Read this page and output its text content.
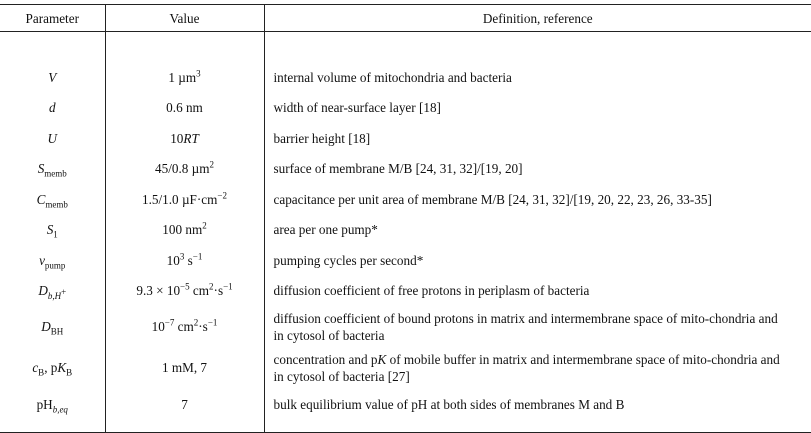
Parameter	Value	Definition, reference

V	1 µm$^3$	internal volume of mitochondria and bacteria
d	0.6 nm	width of near-surface layer [18]
U	10RT	barrier height [18]
$S_{memb}$	45/0.8 µm$^2$	surface of membrane M/B [24, 31, 32]/[19, 20]
$C_{memb}$	1.5/1.0 $\mu F\cdot cm^{-2}$	capacitance per unit area of membrane M/B [24, 31, 32]/[19, 20, 22, 23, 26, 33-35]
$S_1$	100 $nm^2$	area per one pump*
$v_{pump}$	$10^3$ $s^{-1}$	pumping cycles per second*
$D_{b,H^+}$	$9.3 \times 10^{-5}$ $cm^2\cdot s^{-1}$	diffusion coefficient of free protons in periplasm of bacteria
$D_{BH}$	$10^{-7}$ $cm^2\cdot s^{-1}$	diffusion coefficient of bound protons in matrix and intermembrane space of mito-chondria and in cytosol of bacteria
$c_B$, $pK_B$	1 mM, 7	concentration and pK of mobile buffer in matrix and intermembrane space of mito-chondria and in cytosol of bacteria [27]
$pH_{b,eq}$	7	bulk equilibrium value of pH at both sides of membranes M and B
